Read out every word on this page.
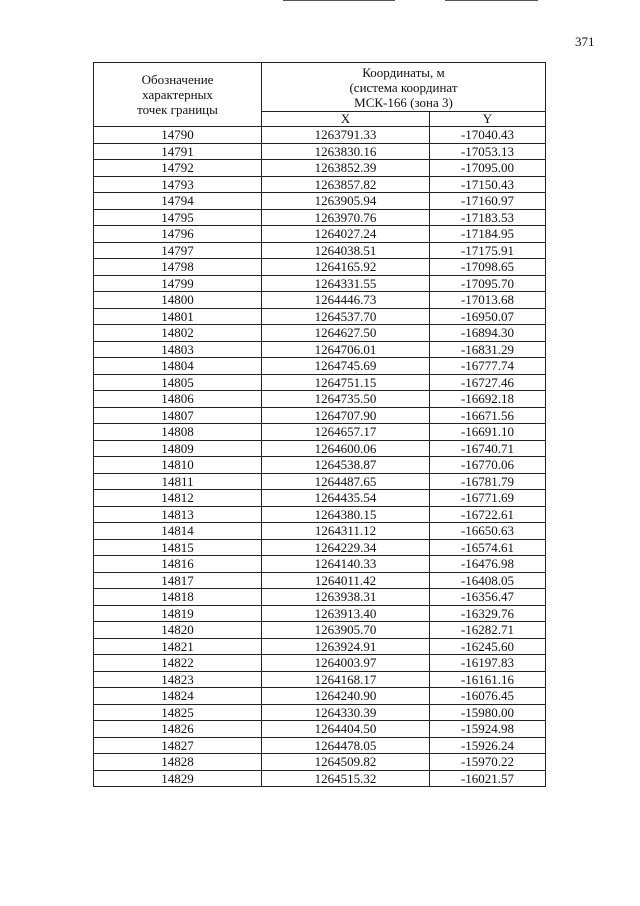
371
Обозначение
характерных
точек границы	Координаты, м
(система координат
МСК-166 (зона 3)	
	X	Y
14790	1263791.33	-17040.43
14791	1263830.16	-17053.13
14792	1263852.39	-17095.00
14793	1263857.82	-17150.43
14794	1263905.94	-17160.97
14795	1263970.76	-17183.53
14796	1264027.24	-17184.95
14797	1264038.51	-17175.91
14798	1264165.92	-17098.65
14799	1264331.55	-17095.70
14800	1264446.73	-17013.68
14801	1264537.70	-16950.07
14802	1264627.50	-16894.30
14803	1264706.01	-16831.29
14804	1264745.69	-16777.74
14805	1264751.15	-16727.46
14806	1264735.50	-16692.18
14807	1264707.90	-16671.56
14808	1264657.17	-16691.10
14809	1264600.06	-16740.71
14810	1264538.87	-16770.06
14811	1264487.65	-16781.79
14812	1264435.54	-16771.69
14813	1264380.15	-16722.61
14814	1264311.12	-16650.63
14815	1264229.34	-16574.61
14816	1264140.33	-16476.98
14817	1264011.42	-16408.05
14818	1263938.31	-16356.47
14819	1263913.40	-16329.76
14820	1263905.70	-16282.71
14821	1263924.91	-16245.60
14822	1264003.97	-16197.83
14823	1264168.17	-16161.16
14824	1264240.90	-16076.45
14825	1264330.39	-15980.00
14826	1264404.50	-15924.98
14827	1264478.05	-15926.24
14828	1264509.82	-15970.22
14829	1264515.32	-16021.57
